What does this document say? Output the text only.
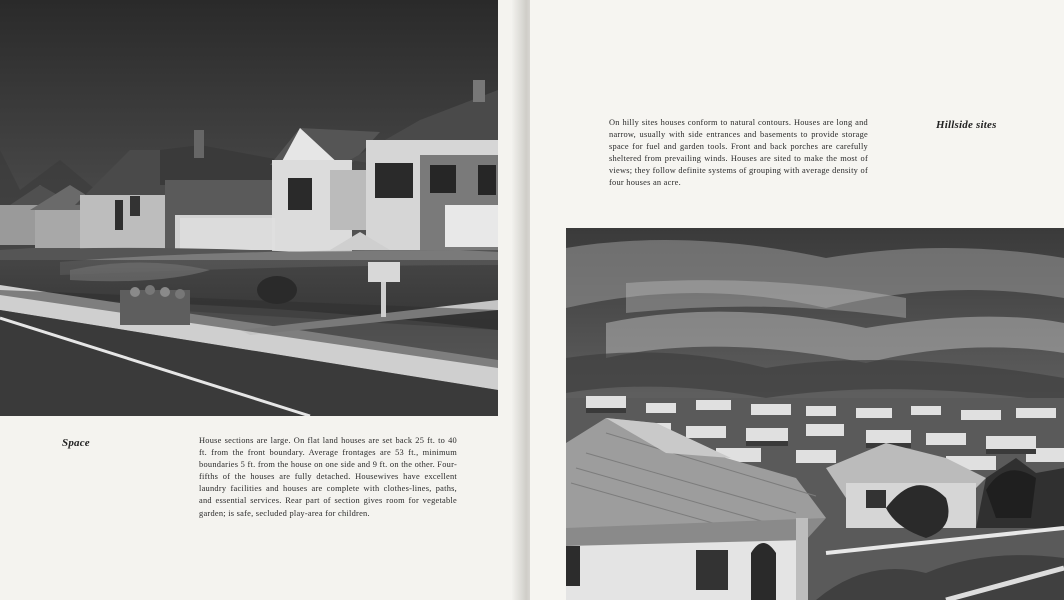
Space	House sections are large. On flat land houses are set back 25 ft. to 40 ft. from the front boundary. Average frontages are 53 ft., minimum boundaries 5 ft. from the house on one side and 9 ft. on the other. Four-fifths of the houses are fully detached. Housewives have excellent laundry facilities and houses are complete with clothes-lines, paths, and essential services. Rear part of section gives room for vegetable garden; is safe, secluded play-area for children.
On hilly sites houses conform to natural contours. Houses are long and narrow, usually with side entrances and basements to provide storage space for fuel and garden tools. Front and back porches are carefully sheltered from prevailing winds. Houses are sited to make the most of views; they follow definite systems of grouping with average density of four houses an acre.
Hillside sites
